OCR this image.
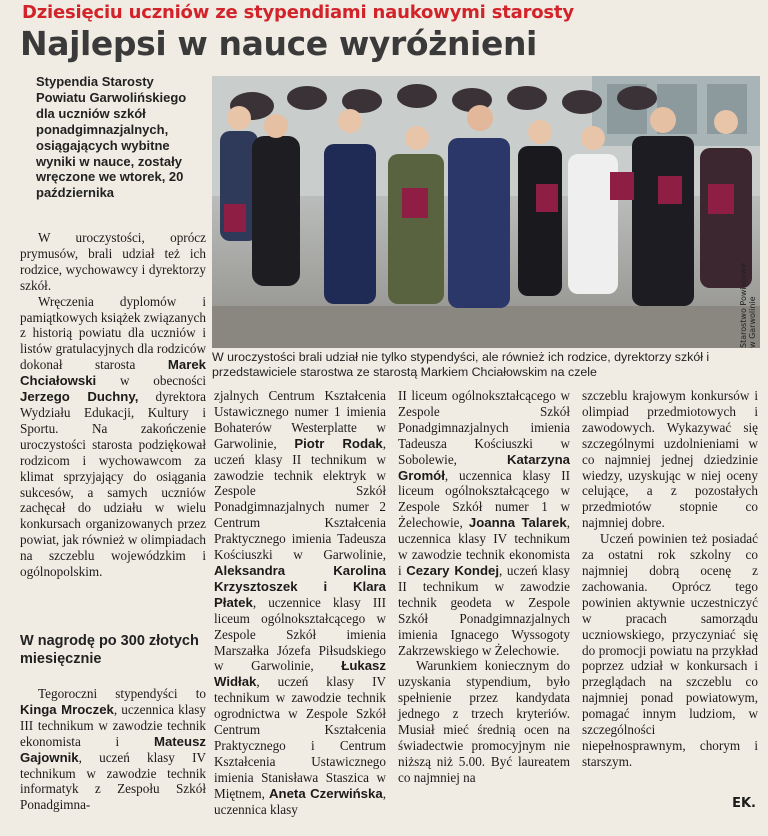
Dziesięciu uczniów ze stypendiami naukowymi starosty
Najlepsi w nauce wyróżnieni
Stypendia Starosty Powiatu Garwolińskiego dla uczniów szkół ponadgimnazjalnych, osiągających wybitne wyniki w nauce, zostały wręczone we wtorek, 20 października

W uroczystości, oprócz prymusów, brali udział też ich rodzice, wychowawcy i dyrektorzy szkół.

Wręczenia dyplomów i pamiątkowych książek związanych z historią powiatu dla uczniów i listów gratulacyjnych dla rodziców dokonał starosta Marek Chciałowski w obecności Jerzego Duchny, dyrektora Wydziału Edukacji, Kultury i Sportu. Na zakończenie uroczystości starosta podziękował rodzicom i wychowawcom za klimat sprzyjający do osiągania sukcesów, a samych uczniów zachęcał do udziału w wielu konkursach organizowanych przez powiat, jak również w olimpiadach na szczeblu wojewódzkim i ogólnopolskim.

W nagrodę po 300 złotych miesięcznie

Tegoroczni stypendyści to Kinga Mroczek, uczennica klasy III technikum w zawodzie technik ekonomista i Mateusz Gajownik, uczeń klasy IV technikum w zawodzie technik informatyk z Zespołu Szkół Ponadgimna-

Starostwo Powiatowe w Garwolinie
W uroczystości brali udział nie tylko stypendyści, ale również ich rodzice, dyrektorzy szkół i przedstawiciele starostwa ze starostą Markiem Chciałowskim na czele

zjalnych Centrum Kształcenia Ustawicznego numer 1 imienia Bohaterów Westerplatte w Garwolinie, Piotr Rodak, uczeń klasy II technikum w zawodzie technik elektryk w Zespole Szkół Ponadgimnazjalnych numer 2 Centrum Kształcenia Praktycznego imienia Tadeusza Kościuszki w Garwolinie, Aleksandra Karolina Krzysztoszek i Klara Płatek, uczennice klasy III liceum ogólnokształcącego w Zespole Szkół imienia Marszałka Józefa Piłsudskiego w Garwolinie, Łukasz Widłak, uczeń klasy IV technikum w zawodzie technik ogrodnictwa w Zespole Szkół Centrum Kształcenia Praktycznego i Centrum Kształcenia Ustawicznego imienia Stanisława Staszica w Miętnem, Aneta Czerwińska, uczennica klasy

II liceum ogólnokształcącego w Zespole Szkół Ponadgimnazjalnych imienia Tadeusza Kościuszki w Sobolewie, Katarzyna Gromół, uczennica klasy II liceum ogólnokształcącego w Zespole Szkół numer 1 w Żelechowie, Joanna Talarek, uczennica klasy IV technikum w zawodzie technik ekonomista i Cezary Kondej, uczeń klasy II technikum w zawodzie technik geodeta w Zespole Szkół Ponadgimnazjalnych imienia Ignacego Wyssogoty Zakrzewskiego w Żelechowie.

Warunkiem koniecznym do uzyskania stypendium, było spełnienie przez kandydata jednego z trzech kryteriów. Musiał mieć średnią ocen na świadectwie promocyjnym nie niższą niż 5.00. Być laureatem co najmniej na

szczeblu krajowym konkursów i olimpiad przedmiotowych i zawodowych. Wykazywać się szczególnymi uzdolnieniami w co najmniej jednej dziedzinie wiedzy, uzyskując w niej oceny celujące, a z pozostałych przedmiotów stopnie co najmniej dobre.

Uczeń powinien też posiadać za ostatni rok szkolny co najmniej dobrą ocenę z zachowania. Oprócz tego powinien aktywnie uczestniczyć w pracach samorządu uczniowskiego, przyczyniać się do promocji powiatu na przykład poprzez udział w konkursach i przeglądach na szczeblu co najmniej ponad powiatowym, pomagać innym ludziom, w szczególności niepełnosprawnym, chorym i starszym.

EK.
